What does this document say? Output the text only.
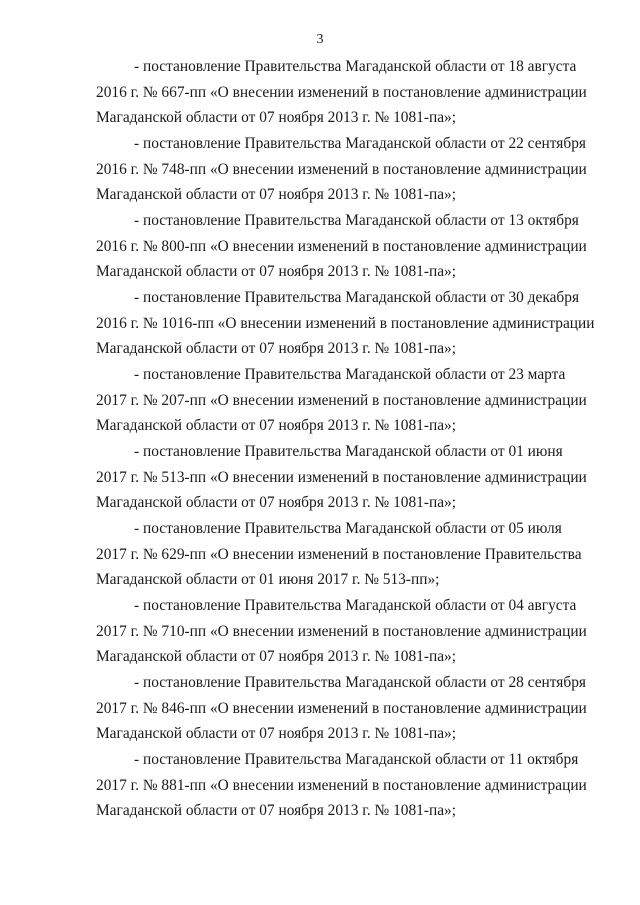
3
- постановление Правительства Магаданской области от 18 августа
2016 г. № 667-пп «О внесении изменений в постановление администрации
Магаданской области от 07 ноября 2013 г. № 1081-па»;
- постановление Правительства Магаданской области от 22 сентября
2016 г. № 748-пп «О внесении изменений в постановление администрации
Магаданской области от 07 ноября 2013 г. № 1081-па»;
- постановление Правительства Магаданской области от 13 октября
2016 г. № 800-пп «О внесении изменений в постановление администрации
Магаданской области от 07 ноября 2013 г. № 1081-па»;
- постановление Правительства Магаданской области от 30 декабря
2016 г. № 1016-пп «О внесении изменений в постановление администрации
Магаданской области от 07 ноября 2013 г. № 1081-па»;
- постановление Правительства Магаданской области от 23 марта
2017 г. № 207-пп «О внесении изменений в постановление администрации
Магаданской области от 07 ноября 2013 г. № 1081-па»;
- постановление Правительства Магаданской области от 01 июня
2017 г. № 513-пп «О внесении изменений в постановление администрации
Магаданской области от 07 ноября 2013 г. № 1081-па»;
- постановление Правительства Магаданской области от 05 июля
2017 г. № 629-пп «О внесении изменений в постановление Правительства
Магаданской области от 01 июня 2017 г. № 513-пп»;
- постановление Правительства Магаданской области от 04 августа
2017 г. № 710-пп «О внесении изменений в постановление администрации
Магаданской области от 07 ноября 2013 г. № 1081-па»;
- постановление Правительства Магаданской области от 28 сентября
2017 г. № 846-пп «О внесении изменений в постановление администрации
Магаданской области от 07 ноября 2013 г. № 1081-па»;
- постановление Правительства Магаданской области от 11 октября
2017 г. № 881-пп «О внесении изменений в постановление администрации
Магаданской области от 07 ноября 2013 г. № 1081-па»;
